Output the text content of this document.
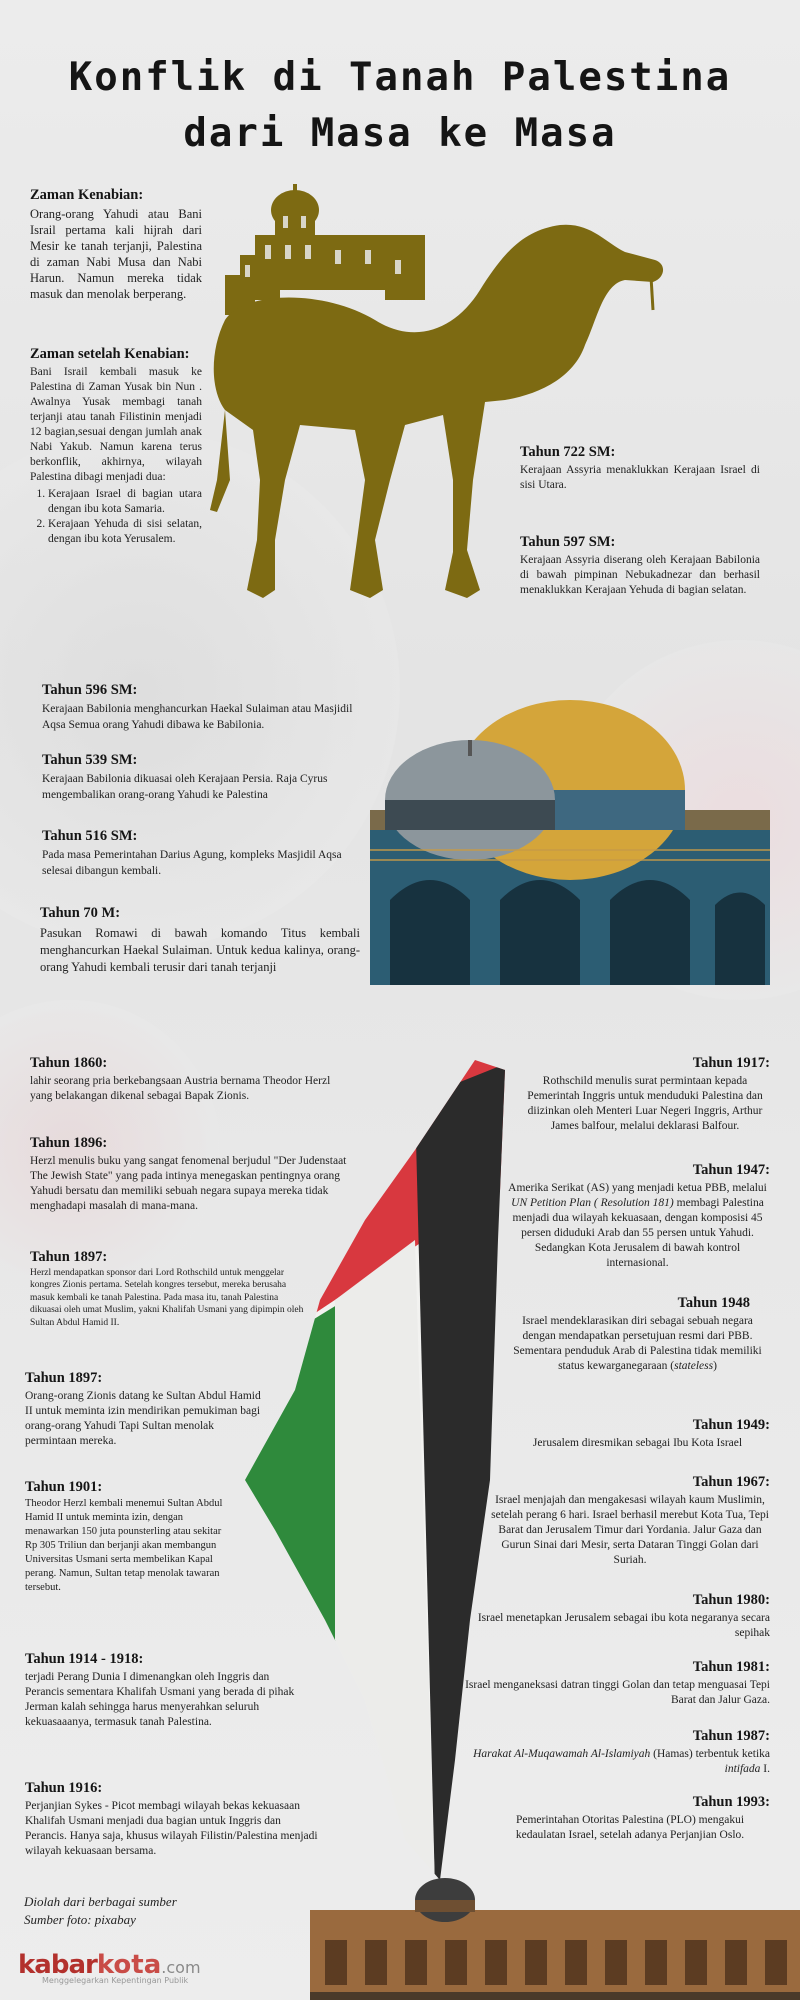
Konflik di Tanah Palestina
dari Masa ke Masa
Zaman Kenabian:

Orang-orang Yahudi atau Bani Israil pertama kali hijrah dari Mesir ke tanah terjanji, Palestina di zaman Nabi Musa dan Nabi Harun. Namun mereka tidak masuk dan menolak berperang.

Zaman setelah Kenabian:

Bani Israil kembali masuk ke Palestina di Zaman Yusak bin Nun . Awalnya Yusak membagi tanah terjanji atau tanah Filistinin menjadi 12 bagian,sesuai dengan jumlah anak Nabi Yakub. Namun karena terus berkonflik, akhirnya, wilayah Palestina dibagi menjadi dua:

1. Kerajaan Israel di bagian utara dengan ibu kota Samaria.
2. Kerajaan Yehuda di sisi selatan, dengan ibu kota Yerusalem.
Tahun 722 SM:

Kerajaan Assyria menaklukkan Kerajaan Israel di sisi Utara.

Tahun 597 SM:

Kerajaan Assyria diserang oleh Kerajaan Babilonia di bawah pimpinan Nebukadnezar dan berhasil menaklukkan Kerajaan Yehuda di bagian selatan.

Tahun 596 SM:

Kerajaan Babilonia menghancurkan Haekal Sulaiman atau Masjidil Aqsa Semua orang Yahudi dibawa ke Babilonia.

Tahun 539 SM:

Kerajaan Babilonia dikuasai oleh Kerajaan Persia. Raja Cyrus mengembalikan orang-orang Yahudi ke Palestina

Tahun 516 SM:

Pada masa Pemerintahan Darius Agung, kompleks Masjidil Aqsa selesai dibangun kembali.

Tahun 70 M:

Pasukan Romawi di bawah komando Titus kembali menghancurkan Haekal Sulaiman. Untuk kedua kalinya, orang-orang Yahudi kembali terusir dari tanah terjanji

Tahun 1860:

lahir seorang pria berkebangsaan Austria bernama Theodor Herzl yang belakangan dikenal sebagai Bapak Zionis.

Tahun 1896:

Herzl menulis buku yang sangat fenomenal berjudul "Der Judenstaat The Jewish State" yang pada intinya menegaskan pentingnya orang Yahudi bersatu dan memiliki sebuah negara supaya mereka tidak menghadapi masalah di mana-mana.

Tahun 1897:

Herzl mendapatkan sponsor dari Lord Rothschild untuk menggelar kongres Zionis pertama. Setelah kongres tersebut, mereka berusaha masuk kembali ke tanah Palestina. Pada masa itu, tanah Palestina dikuasai oleh umat Muslim, yakni Khalifah Usmani yang dipimpin oleh Sultan Abdul Hamid II.

Tahun 1897:

Orang-orang Zionis datang ke Sultan Abdul Hamid II untuk meminta izin mendirikan pemukiman bagi orang-orang Yahudi Tapi Sultan menolak permintaan mereka.

Tahun 1901:

Theodor Herzl kembali menemui Sultan Abdul Hamid II untuk meminta izin, dengan menawarkan 150 juta pounsterling atau sekitar Rp 305 Triliun dan berjanji akan membangun Universitas Usmani serta membelikan Kapal perang. Namun, Sultan tetap menolak tawaran tersebut.

Tahun 1914 - 1918:

terjadi Perang Dunia I dimenangkan oleh Inggris dan Perancis sementara Khalifah Usmani yang berada di pihak Jerman kalah sehingga harus menyerahkan seluruh kekuasaaanya, termasuk tanah Palestina.

Tahun 1916:

Perjanjian Sykes - Picot membagi wilayah bekas kekuasaan Khalifah Usmani menjadi dua bagian untuk Inggris dan Perancis. Hanya saja, khusus wilayah Filistin/Palestina menjadi wilayah kekuasaan bersama.

Tahun 1917:

Rothschild menulis surat permintaan kepada Pemerintah Inggris untuk menduduki Palestina dan diizinkan oleh Menteri Luar Negeri Inggris, Arthur James balfour, melalui deklarasi Balfour.

Tahun 1947:

Amerika Serikat (AS) yang menjadi ketua PBB, melalui UN Petition Plan ( Resolution 181) membagi Palestina menjadi dua wilayah kekuasaan, dengan komposisi 45 persen diduduki Arab dan 55 persen untuk Yahudi. Sedangkan Kota Jerusalem di bawah kontrol internasional.

Tahun 1948

Israel mendeklarasikan diri sebagai sebuah negara dengan mendapatkan persetujuan resmi dari PBB. Sementara penduduk Arab di Palestina tidak memiliki status kewarganegaraan (stateless)

Tahun 1949:

Jerusalem diresmikan sebagai Ibu Kota Israel

Tahun 1967:

Israel menjajah dan mengakesasi wilayah kaum Muslimin, setelah perang 6 hari. Israel berhasil merebut Kota Tua, Tepi Barat dan Jerusalem Timur dari Yordania. Jalur Gaza dan Gurun Sinai dari Mesir, serta Dataran Tinggi Golan dari Suriah.

Tahun 1980:

Israel menetapkan Jerusalem sebagai ibu kota negaranya secara sepihak

Tahun 1981:

Israel menganeksasi datran tinggi Golan dan tetap menguasai Tepi Barat dan Jalur Gaza.

Tahun 1987:

Harakat Al-Muqawamah Al-Islamiyah (Hamas) terbentuk ketika intifada I.

Tahun 1993:

Pemerintahan Otoritas Palestina (PLO) mengakui kedaulatan Israel, setelah adanya Perjanjian Oslo.

Diolah dari berbagai sumber
Sumber foto: pixabay
kabarkota.com
Menggelegarkan Kepentingan Publik
